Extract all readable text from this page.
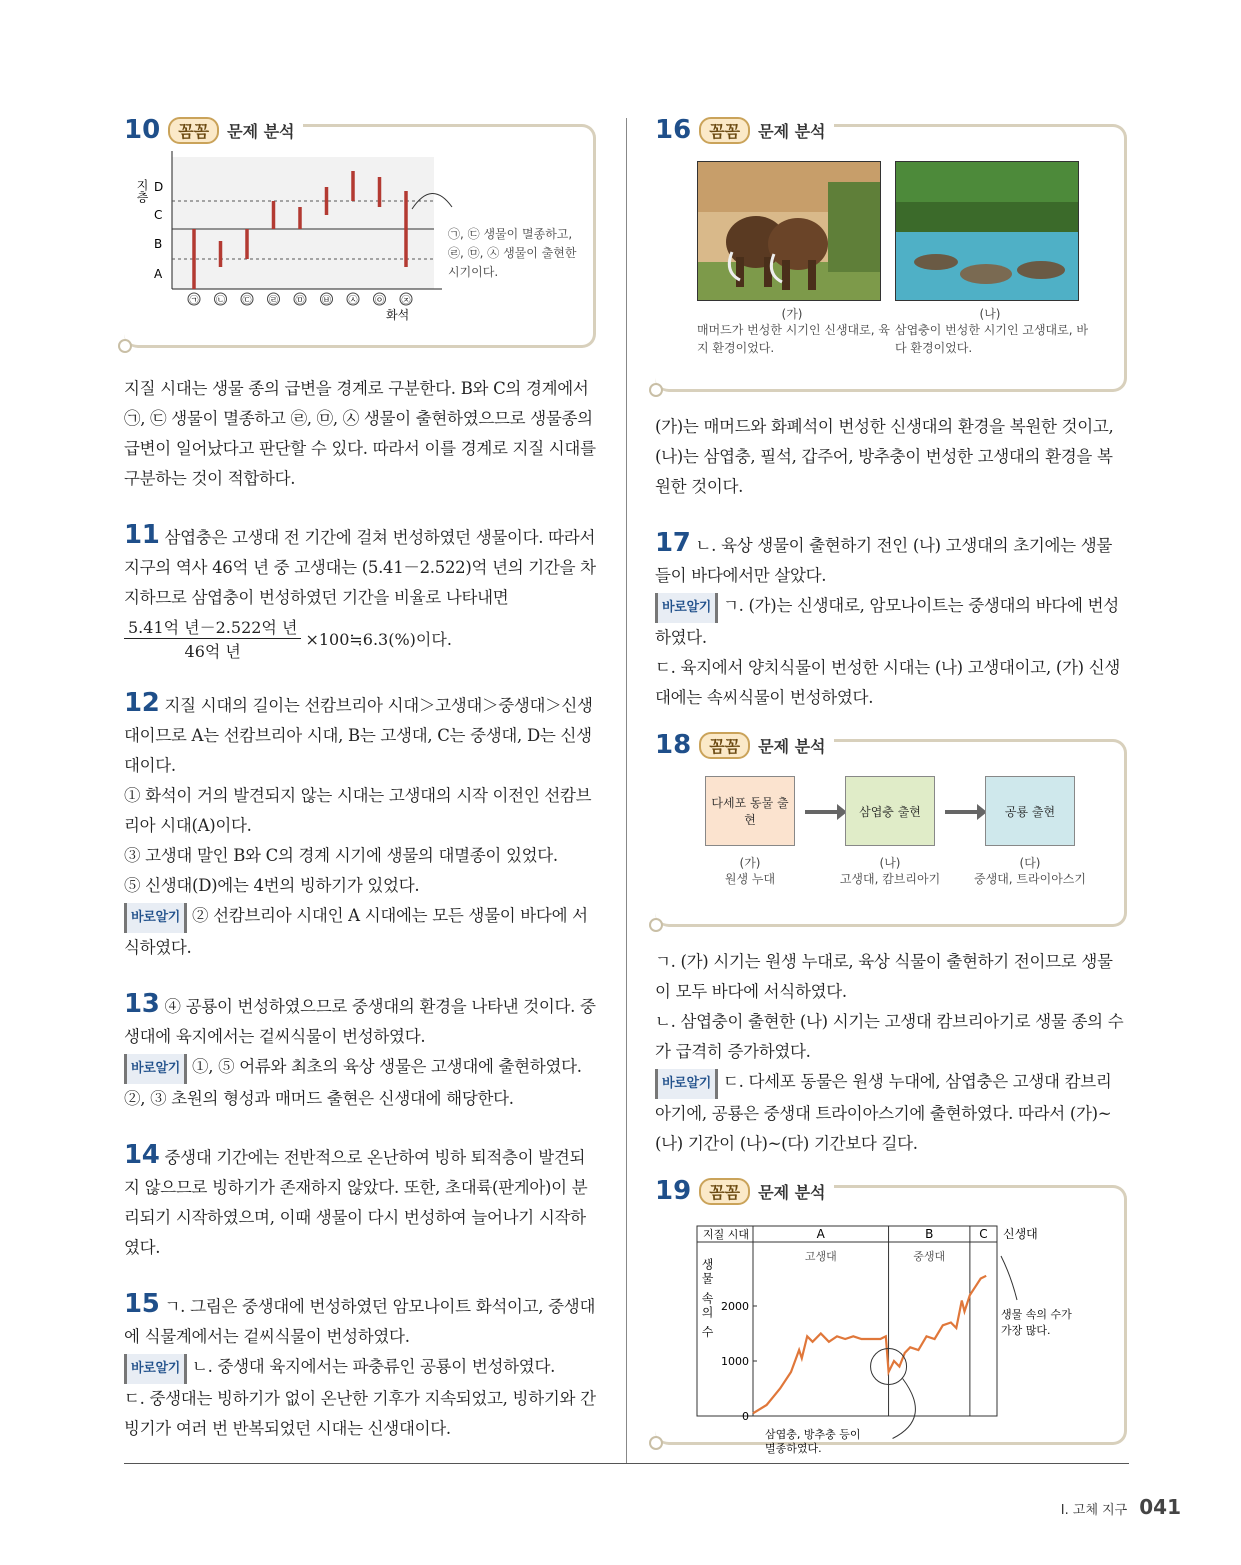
10	꼼꼼	문제 분석
지층 D
C
B
A
㉠ ㉡ ㉢ ㉣ ㉤ ㉥ ㉦ ㉧ ㉨
화석
㉠, ㉢ 생물이 멸종하고, ㉣, ㉤, ㉦ 생물이 출현한 시기이다.

지질 시대는 생물 종의 급변을 경계로 구분한다. B와 C의 경계에서 ㉠, ㉢ 생물이 멸종하고 ㉣, ㉤, ㉦ 생물이 출현하였으므로 생물종의 급변이 일어났다고 판단할 수 있다. 따라서 이를 경계로 지질 시대를 구분하는 것이 적합하다.

11 삼엽충은 고생대 전 기간에 걸쳐 번성하였던 생물이다. 따라서 지구의 역사 46억 년 중 고생대는 (5.41－2.522)억 년의 기간을 차지하므로 삼엽충이 번성하였던 기간을 비율로 나타내면

5.41억 년－2.522억 년
46억 년
×100≒6.3(%)이다.

12 지질 시대의 길이는 선캄브리아 시대＞고생대＞중생대＞신생대이므로 A는 선캄브리아 시대, B는 고생대, C는 중생대, D는 신생대이다.

① 화석이 거의 발견되지 않는 시대는 고생대의 시작 이전인 선캄브리아 시대(A)이다.

③ 고생대 말인 B와 C의 경계 시기에 생물의 대멸종이 있었다.

⑤ 신생대(D)에는 4번의 빙하기가 있었다.

바로알기 ② 선캄브리아 시대인 A 시대에는 모든 생물이 바다에 서식하였다.

13 ④ 공룡이 번성하였으므로 중생대의 환경을 나타낸 것이다. 중생대에 육지에서는 겉씨식물이 번성하였다.

바로알기 ①, ⑤ 어류와 최초의 육상 생물은 고생대에 출현하였다.

②, ③ 초원의 형성과 매머드 출현은 신생대에 해당한다.

14 중생대 기간에는 전반적으로 온난하여 빙하 퇴적층이 발견되지 않으므로 빙하기가 존재하지 않았다. 또한, 초대륙(판게아)이 분리되기 시작하였으며, 이때 생물이 다시 번성하여 늘어나기 시작하였다.

15 ㄱ. 그림은 중생대에 번성하였던 암모나이트 화석이고, 중생대에 식물계에서는 겉씨식물이 번성하였다.

바로알기 ㄴ. 중생대 육지에서는 파충류인 공룡이 번성하였다.

ㄷ. 중생대는 빙하기가 없이 온난한 기후가 지속되었고, 빙하기와 간빙기가 여러 번 반복되었던 시대는 신생대이다.

16	꼼꼼	문제 분석
(가)
매머드가 번성한 시기인 신생대로, 육지 환경이었다.
(나)
삼엽충이 번성한 시기인 고생대로, 바다 환경이었다.

(가)는 매머드와 화폐석이 번성한 신생대의 환경을 복원한 것이고, (나)는 삼엽충, 필석, 갑주어, 방추충이 번성한 고생대의 환경을 복원한 것이다.

17 ㄴ. 육상 생물이 출현하기 전인 (나) 고생대의 초기에는 생물들이 바다에서만 살았다.

바로알기 ㄱ. (가)는 신생대로, 암모나이트는 중생대의 바다에 번성하였다.

ㄷ. 육지에서 양치식물이 번성한 시대는 (나) 고생대이고, (가) 신생대에는 속씨식물이 번성하였다.

18	꼼꼼	문제 분석
다세포 동물 출현
삼엽충 출현	공룡 출현
(가)
원생 누대
(나)
고생대, 캄브리아기
(다)
중생대, 트라이아스기

ㄱ. (가) 시기는 원생 누대로, 육상 식물이 출현하기 전이므로 생물이 모두 바다에 서식하였다.

ㄴ. 삼엽충이 출현한 (나) 시기는 고생대 캄브리아기로 생물 종의 수가 급격히 증가하였다.

바로알기 ㄷ. 다세포 동물은 원생 누대에, 삼엽충은 고생대 캄브리아기에, 공룡은 중생대 트라이아스기에 출현하였다. 따라서 (가)~(나) 기간이 (나)~(다) 기간보다 길다.

19	꼼꼼	문제 분석
지질 시대	A	B	C
고생대	중생대
신생대
생물 속의 수
0
1000
2000
삼엽충, 방추충 등이
멸종하였다.
생물 속의 수가
가장 많다.
Ⅰ. 고체 지구 041
